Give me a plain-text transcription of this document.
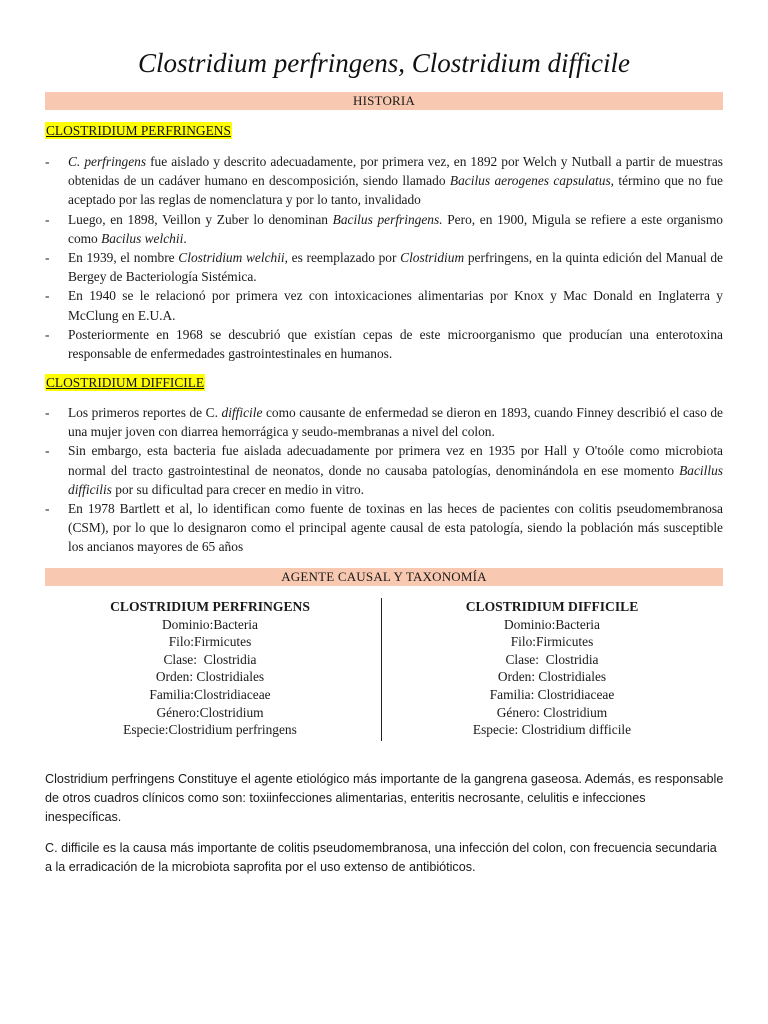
Clostridium perfringens, Clostridium difficile
HISTORIA
CLOSTRIDIUM PERFRINGENS
- C. perfringens fue aislado y descrito adecuadamente, por primera vez, en 1892 por Welch y Nutball a partir de muestras obtenidas de un cadáver humano en descomposición, siendo llamado Bacilus aerogenes capsulatus, término que no fue aceptado por las reglas de nomenclatura y por lo tanto, invalidado
- Luego, en 1898, Veillon y Zuber lo denominan Bacilus perfringens. Pero, en 1900, Migula se refiere a este organismo como Bacilus welchii.
- En 1939, el nombre Clostridium welchii, es reemplazado por Clostridium perfringens, en la quinta edición del Manual de Bergey de Bacteriología Sistémica.
- En 1940 se le relacionó por primera vez con intoxicaciones alimentarias por Knox y Mac Donald en Inglaterra y McClung en E.U.A.
- Posteriormente en 1968 se descubrió que existían cepas de este microorganismo que producían una enterotoxina responsable de enfermedades gastrointestinales en humanos.
CLOSTRIDIUM DIFFICILE
- Los primeros reportes de C. difficile como causante de enfermedad se dieron en 1893, cuando Finney describió el caso de una mujer joven con diarrea hemorrágica y seudo-membranas a nivel del colon.
- Sin embargo, esta bacteria fue aislada adecuadamente por primera vez en 1935 por Hall y O'toóle como microbiota normal del tracto gastrointestinal de neonatos, donde no causaba patologías, denominándola en ese momento Bacillus difficilis por su dificultad para crecer en medio in vitro.
- En 1978 Bartlett et al, lo identifican como fuente de toxinas en las heces de pacientes con colitis pseudomembranosa (CSM), por lo que lo designaron como el principal agente causal de esta patología, siendo la población más susceptible los ancianos mayores de 65 años
AGENTE CAUSAL Y TAXONOMÍA
CLOSTRIDIUM PERFRINGENS
Dominio:Bacteria
Filo:Firmicutes
Clase:  Clostridia
Orden: Clostridiales
Familia:Clostridiaceae
Género:Clostridium
Especie:Clostridium perfringens
CLOSTRIDIUM DIFFICILE
Dominio:Bacteria
Filo:Firmicutes
Clase:  Clostridia
Orden: Clostridiales
Familia: Clostridiaceae
Género: Clostridium
Especie: Clostridium difficile

Clostridium perfringens Constituye el agente etiológico más importante de la gangrena gaseosa. Además, es responsable de otros cuadros clínicos como son: toxiinfecciones alimentarias, enteritis necrosante, celulitis e infecciones inespecíficas.

C. difficile es la causa más importante de colitis pseudomembranosa, una infección del colon, con frecuencia secundaria a la erradicación de la microbiota saprofita por el uso extenso de antibióticos.
